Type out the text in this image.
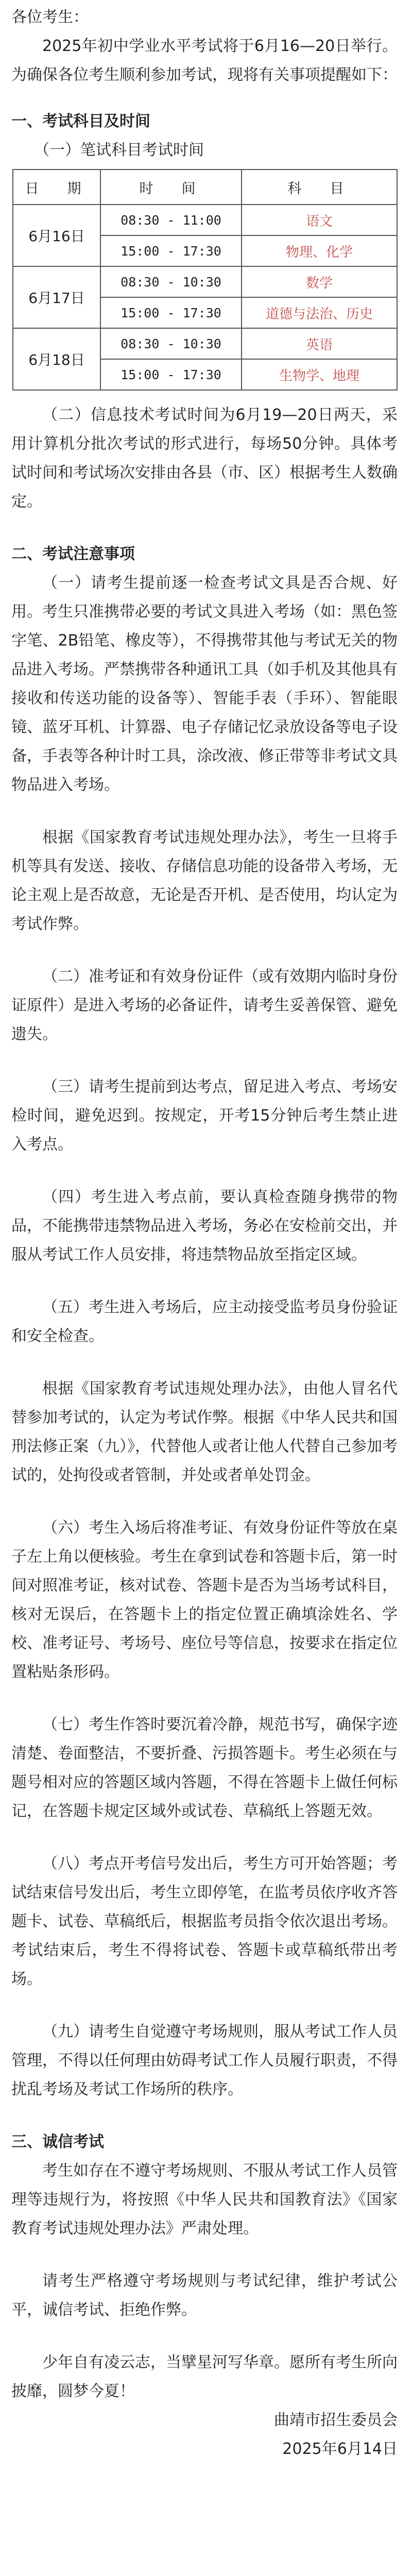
各位考生：

2025年初中学业水平考试将于6月16—20日举行。为确保各位考生顺利参加考试，现将有关事项提醒如下：

一、考试科目及时间

（一）笔试科目考试时间

日　期	时　间	科　目
6月16日	08:30 - 11:00	语文
	15:00 - 17:30	物理、化学
6月17日	08:30 - 10:30	数学
	15:00 - 17:30	道德与法治、历史
6月18日	08:30 - 10:30	英语
	15:00 - 17:30	生物学、地理

（二）信息技术考试时间为6月19—20日两天，采用计算机分批次考试的形式进行，每场50分钟。具体考试时间和考试场次安排由各县（市、区）根据考生人数确定。

二、考试注意事项

（一）请考生提前逐一检查考试文具是否合规、好用。考生只准携带必要的考试文具进入考场（如：黑色签字笔、2B铅笔、橡皮等），不得携带其他与考试无关的物品进入考场。严禁携带各种通讯工具（如手机及其他具有接收和传送功能的设备等）、智能手表（手环）、智能眼镜、蓝牙耳机、计算器、电子存储记忆录放设备等电子设备，手表等各种计时工具，涂改液、修正带等非考试文具物品进入考场。

根据《国家教育考试违规处理办法》，考生一旦将手机等具有发送、接收、存储信息功能的设备带入考场，无论主观上是否故意，无论是否开机、是否使用，均认定为考试作弊。

（二）准考证和有效身份证件（或有效期内临时身份证原件）是进入考场的必备证件，请考生妥善保管、避免遗失。

（三）请考生提前到达考点，留足进入考点、考场安检时间，避免迟到。按规定，开考15分钟后考生禁止进入考点。

（四）考生进入考点前，要认真检查随身携带的物品，不能携带违禁物品进入考场，务必在安检前交出，并服从考试工作人员安排，将违禁物品放至指定区域。

（五）考生进入考场后，应主动接受监考员身份验证和安全检查。

根据《国家教育考试违规处理办法》，由他人冒名代替参加考试的，认定为考试作弊。根据《中华人民共和国刑法修正案（九）》，代替他人或者让他人代替自己参加考试的，处拘役或者管制，并处或者单处罚金。

（六）考生入场后将准考证、有效身份证件等放在桌子左上角以便核验。考生在拿到试卷和答题卡后，第一时间对照准考证，核对试卷、答题卡是否为当场考试科目，核对无误后，在答题卡上的指定位置正确填涂姓名、学校、准考证号、考场号、座位号等信息，按要求在指定位置粘贴条形码。

（七）考生作答时要沉着冷静，规范书写，确保字迹清楚、卷面整洁，不要折叠、污损答题卡。考生必须在与题号相对应的答题区域内答题，不得在答题卡上做任何标记，在答题卡规定区域外或试卷、草稿纸上答题无效。

（八）考点开考信号发出后，考生方可开始答题；考试结束信号发出后，考生立即停笔，在监考员依序收齐答题卡、试卷、草稿纸后，根据监考员指令依次退出考场。考试结束后，考生不得将试卷、答题卡或草稿纸带出考场。

（九）请考生自觉遵守考场规则，服从考试工作人员管理，不得以任何理由妨碍考试工作人员履行职责，不得扰乱考场及考试工作场所的秩序。

三、诚信考试

考生如存在不遵守考场规则、不服从考试工作人员管理等违规行为，将按照《中华人民共和国教育法》《国家教育考试违规处理办法》严肃处理。

请考生严格遵守考场规则与考试纪律，维护考试公平，诚信考试、拒绝作弊。

少年自有凌云志，当擘星河写华章。愿所有考生所向披靡，圆梦今夏！

曲靖市招生委员会

2025年6月14日
